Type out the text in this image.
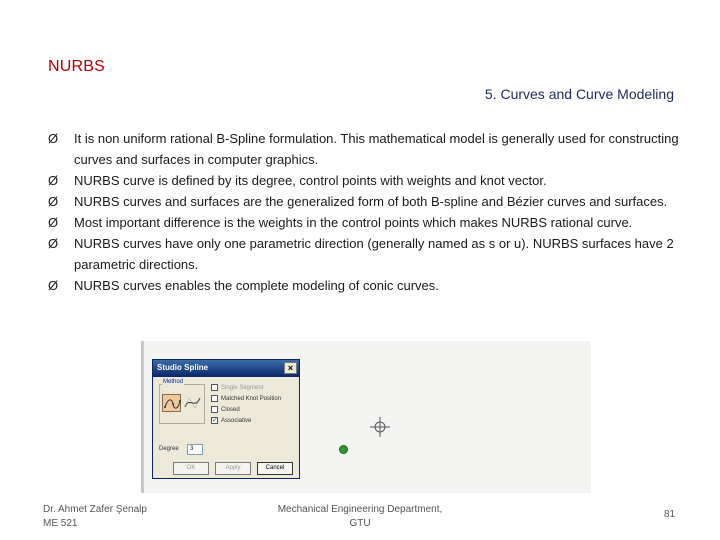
NURBS
5. Curves and Curve Modeling
Ø It is non uniform rational B-Spline formulation. This mathematical model is generally used for constructing curves and surfaces in computer graphics.
Ø NURBS curve is defined by its degree, control points with weights and knot vector.
Ø NURBS curves and surfaces are the generalized form of both B-spline and Bézier curves and surfaces.
Ø Most important difference is the weights in the control points which makes NURBS rational curve.
Ø NURBS curves have only one parametric direction (generally named as s or u). NURBS surfaces have 2 parametric directions.
Ø NURBS curves enables the complete modeling of conic curves.
Studio Spline	×
Method
Degree	3
Single Segment
Matched Knot Position
Closed
✓ Associative
OK	Apply	Cancel
Dr. Ahmet Zafer Şenalp
ME 521
Mechanical Engineering Department,
GTU
81
